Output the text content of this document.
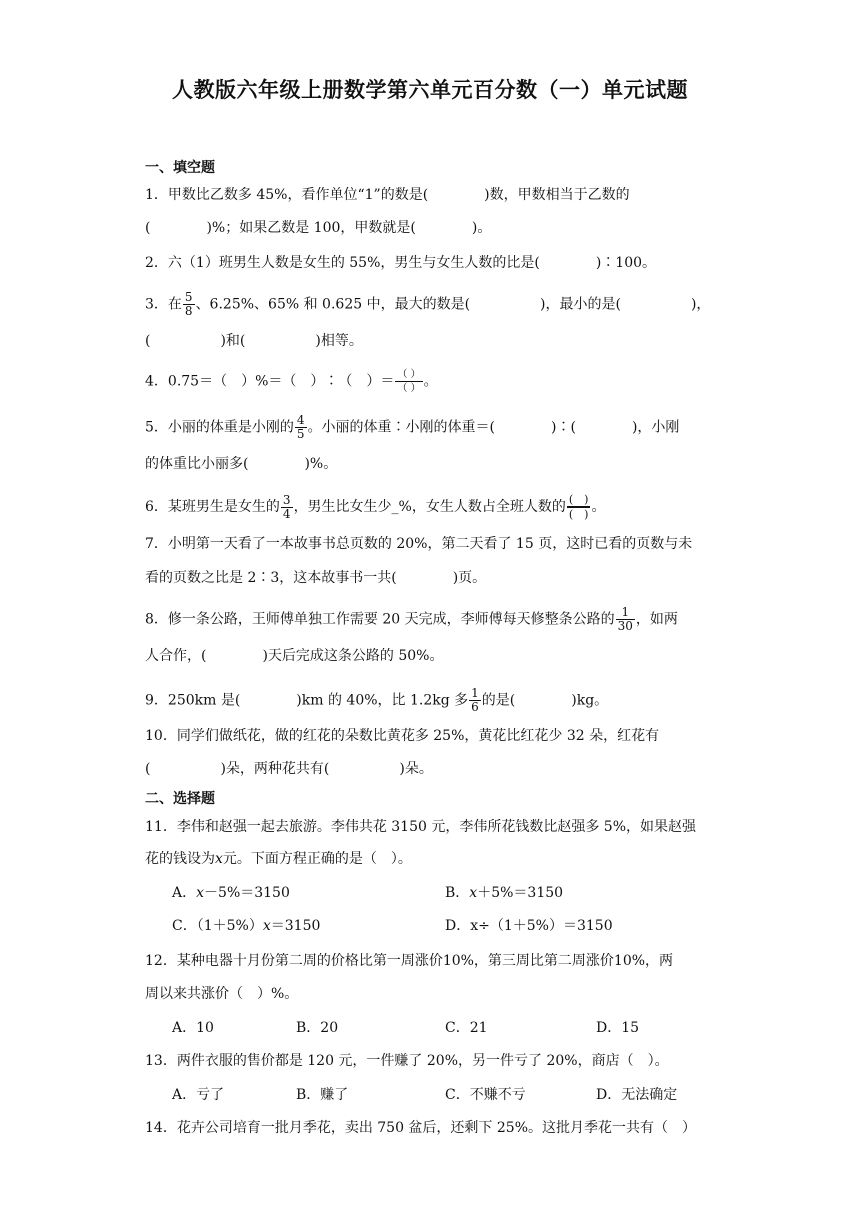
人教版六年级上册数学第六单元百分数（一）单元试题
一、填空题
1．甲数比乙数多 45%，看作单位“1”的数是(　　　　)数，甲数相当于乙数的
(　　　　)%；如果乙数是 100，甲数就是(　　　　)。
2．六（1）班男生人数是女生的 55%，男生与女生人数的比是(　　　　)∶100。
3．在 $\frac{5}{8}$ 、6.25%、65% 和 0.625 中，最大的数是(　　　　　)，最小的是(　　　　　)，
(　　　　　)和(　　　　　)相等。
4．0.75＝（　）%＝（　）∶（　）＝ $\frac{( )}{( )}$ 。
5．小丽的体重是小刚的 $\frac{4}{5}$ 。小丽的体重∶小刚的体重＝(　　　　)∶(　　　　)，小刚
的体重比小丽多(　　　　)%。
6．某班男生是女生的 $\frac{3}{4}$ ，男生比女生少_%，女生人数占全班人数的 $\frac{( )}{( )}$ 。
7．小明第一天看了一本故事书总页数的 20%，第二天看了 15 页，这时已看的页数与未
看的页数之比是 2∶3，这本故事书一共(　　　　)页。
8．修一条公路，王师傅单独工作需要 20 天完成，李师傅每天修整条公路的 $\frac{1}{30}$ ，如两
人合作，(　　　　)天后完成这条公路的 50%。
9．250km 是(　　　　)km 的 40%，比 1.2kg 多 $\frac{1}{6}$ 的是(　　　　)kg。
10．同学们做纸花，做的红花的朵数比黄花多 25%，黄花比红花少 32 朵，红花有
(　　　　　)朵，两种花共有(　　　　　)朵。
二、选择题
11．李伟和赵强一起去旅游。李伟共花 3150 元，李伟所花钱数比赵强多 5%，如果赵强
花的钱设为x元。下面方程正确的是（　）。
A．x－5%＝3150	B．x＋5%＝3150
C．（1＋5%）x＝3150	D．x÷（1＋5%）＝3150
12．某种电器十月份第二周的价格比第一周涨价10%，第三周比第二周涨价10%，两
周以来共涨价（　）%。
A．10	B．20	C．21	D．15
13．两件衣服的售价都是 120 元，一件赚了 20%，另一件亏了 20%，商店（　）。
A．亏了	B．赚了	C．不赚不亏	D．无法确定
14．花卉公司培育一批月季花，卖出 750 盆后，还剩下 25%。这批月季花一共有（　）
